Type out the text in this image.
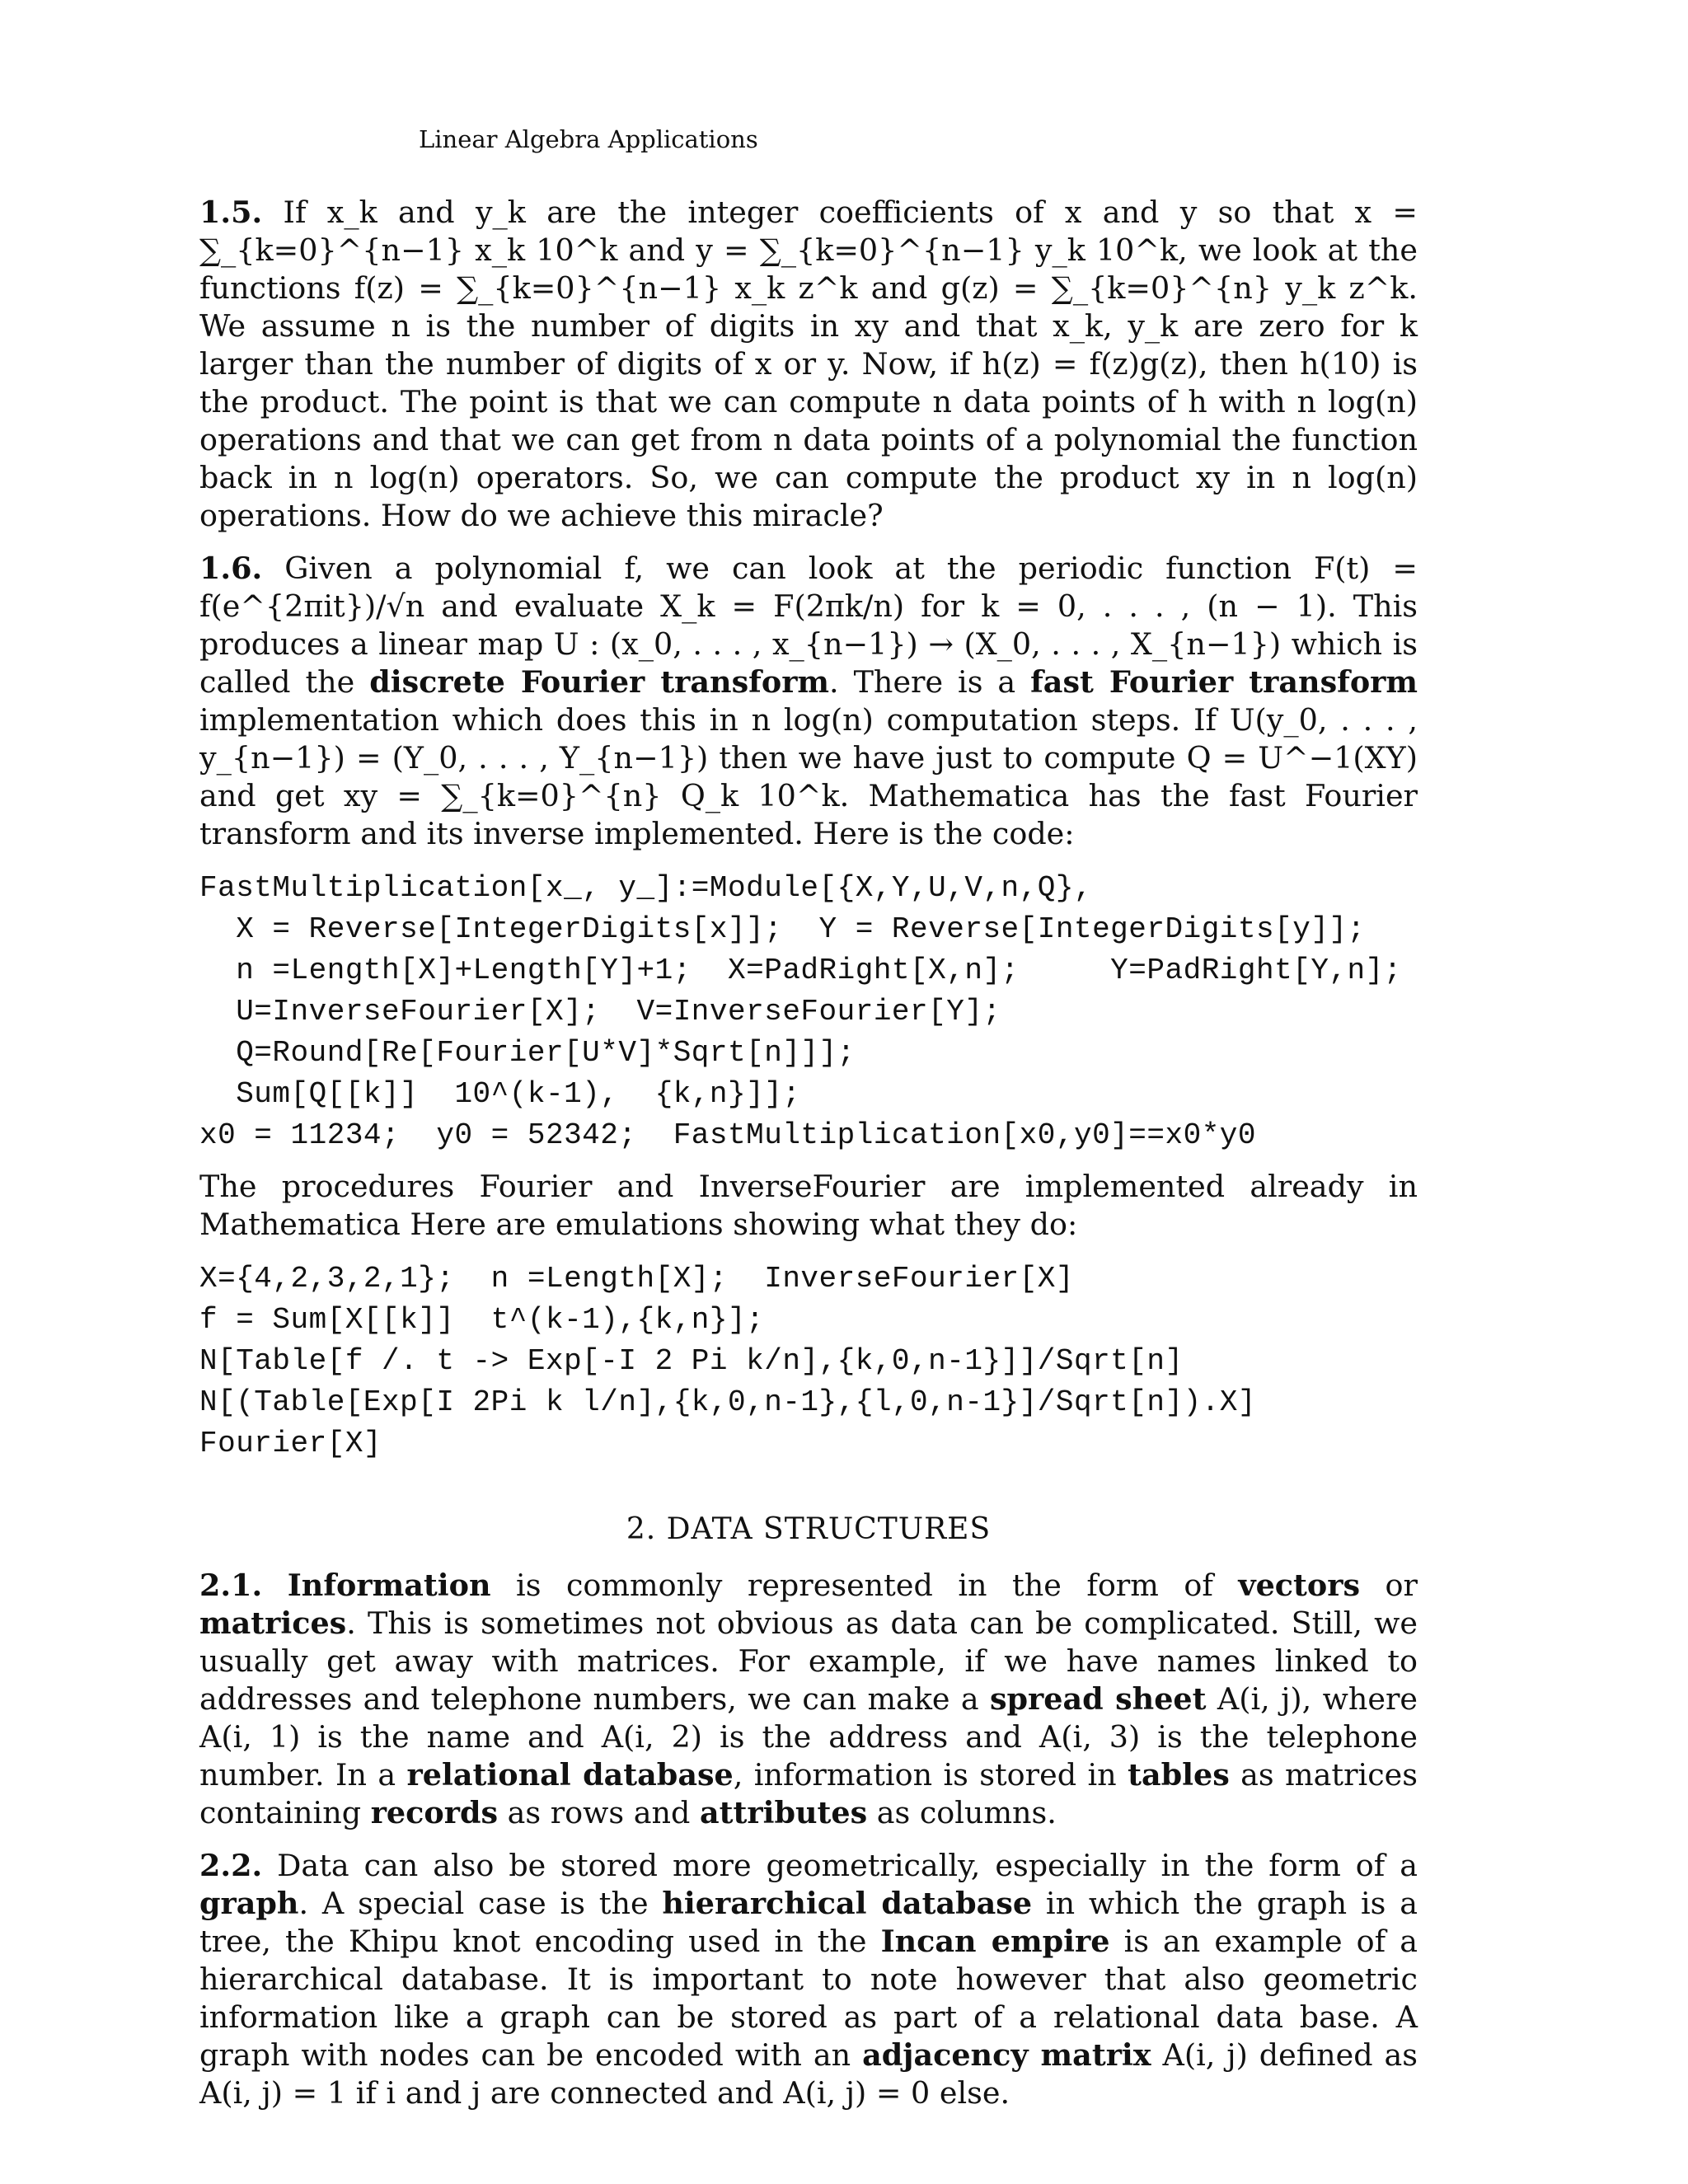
Linear Algebra Applications

1.5. If x_k and y_k are the integer coefficients of x and y so that x = ∑_{k=0}^{n−1} x_k 10^k and y = ∑_{k=0}^{n−1} y_k 10^k, we look at the functions f(z) = ∑_{k=0}^{n−1} x_k z^k and g(z) = ∑_{k=0}^{n} y_k z^k. We assume n is the number of digits in xy and that x_k, y_k are zero for k larger than the number of digits of x or y. Now, if h(z) = f(z)g(z), then h(10) is the product. The point is that we can compute n data points of h with n log(n) operations and that we can get from n data points of a polynomial the function back in n log(n) operators. So, we can compute the product xy in n log(n) operations. How do we achieve this miracle?

1.6. Given a polynomial f, we can look at the periodic function F(t) = f(e^{2πit})/√n and evaluate X_k = F(2πk/n) for k = 0, . . . , (n − 1). This produces a linear map U : (x_0, . . . , x_{n−1}) → (X_0, . . . , X_{n−1}) which is called the discrete Fourier transform. There is a fast Fourier transform implementation which does this in n log(n) computation steps. If U(y_0, . . . , y_{n−1}) = (Y_0, . . . , Y_{n−1}) then we have just to compute Q = U^−1(XY) and get xy = ∑_{k=0}^{n} Q_k 10^k. Mathematica has the fast Fourier transform and its inverse implemented. Here is the code:

FastMultiplication[x_, y_]:=Module[{X,Y,U,V,n,Q},
X = Reverse[IntegerDigits[x]];  Y = Reverse[IntegerDigits[y]];
n =Length[X]+Length[Y]+1;  X=PadRight[X,n];     Y=PadRight[Y,n];
U=InverseFourier[X];  V=InverseFourier[Y];
Q=Round[Re[Fourier[U*V]*Sqrt[n]]];
Sum[Q[[k]]  10^(k-1),  {k,n}]];
x0 = 11234;  y0 = 52342;  FastMultiplication[x0,y0]==x0*y0

The procedures Fourier and InverseFourier are implemented already in Mathematica Here are emulations showing what they do:

X={4,2,3,2,1};  n =Length[X];  InverseFourier[X]
f = Sum[X[[k]]  t^(k-1),{k,n}];
N[Table[f /. t -> Exp[-I 2 Pi k/n],{k,0,n-1}]]/Sqrt[n]
N[(Table[Exp[I 2Pi k l/n],{k,0,n-1},{l,0,n-1}]/Sqrt[n]).X]
Fourier[X]
2. DATA STRUCTURES

2.1. Information is commonly represented in the form of vectors or matrices. This is sometimes not obvious as data can be complicated. Still, we usually get away with matrices. For example, if we have names linked to addresses and telephone numbers, we can make a spread sheet A(i, j), where A(i, 1) is the name and A(i, 2) is the address and A(i, 3) is the telephone number. In a relational database, information is stored in tables as matrices containing records as rows and attributes as columns.

2.2. Data can also be stored more geometrically, especially in the form of a graph. A special case is the hierarchical database in which the graph is a tree, the Khipu knot encoding used in the Incan empire is an example of a hierarchical database. It is important to note however that also geometric information like a graph can be stored as part of a relational data base. A graph with nodes can be encoded with an adjacency matrix A(i, j) defined as A(i, j) = 1 if i and j are connected and A(i, j) = 0 else.
